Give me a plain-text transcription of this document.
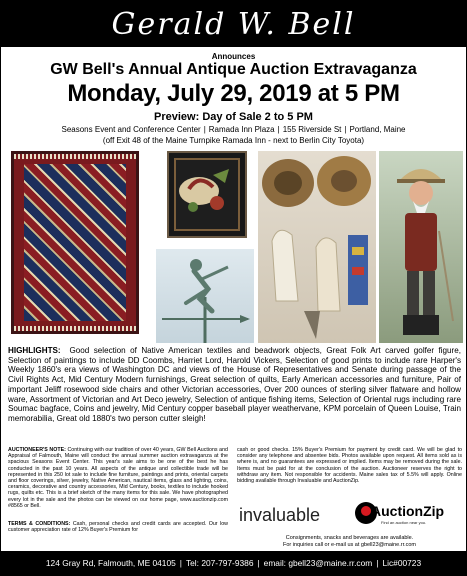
Gerald W. Bell
Announces
GW Bell's Annual Antique Auction Extravaganza
Monday, July 29, 2019 at 5 PM
Preview: Day of Sale 2 to 5 PM
Seasons Event and Conference Center | Ramada Inn Plaza | 155 Riverside St | Portland, Maine
(off Exit 48 of the Maine Turnpike Ramada Inn - next to Berlin City Toyota)
HIGHLIGHTS: Good selection of Native American textiles and beadwork objects, Great Folk Art carved golfer figure, Selection of paintings to include DD Coombs, Harriet Lord, Harold Vickers, Selection of good prints to include rare Harper's Weekly 1860's era views of Washington DC and views of the House of Representatives and Senate during passage of the Civil Rights Act, Mid Century Modern furnishings, Great selection of quilts, Early American accessories and furniture, Pair of important Jeliff rosewood side chairs and other Victorian accessories, Over 200 ounces of sterling silver flatware and hollow ware, Assortment of Victorian and Art Deco jewelry, Selection of antique fishing items, Selection of Oriental rugs including rare Soumac bagface, Coins and jewelry, Mid Century copper baseball player weathervane, KPM porcelain of Queen Louise, Train memorabilia, Great old 1880's two person cutter sleigh!
AUCTIONEER'S NOTE: Continuing with our tradition of over 40 years, GW Bell Auctions and Appraisal of Falmouth, Maine will conduct the annual summer auction extravaganza at the spacious Seasons Event Center. This year's sale aims to be one of the best he has conducted in the past 10 years. All aspects of the antique and collectible trade will be represented in this 250 lot sale to include fine furniture, paintings and prints, oriental carpets and floor coverings, silver, jewelry, Native American, nautical items, glass and lighting, coins, ceramics, decorative and country accessories, Mid Century, books, textiles to include hooked rugs, quilts etc. This is a brief sketch of the many items for this sale. We have photographed every lot in the sale and the photos can be viewed on our home page, www.auctionzip.com #8565 or Bell.
TERMS & CONDITIONS: Cash, personal checks and credit cards are accepted. Our low customer appreciation rate of 12% Buyer's Premium for
cash or good checks. 15% Buyer's Premium for payment by credit card. We will be glad to consider any telephone and absentee bids. Photos available upon request. All items sold as is where is, and no guarantees are expressed or implied. Items may be removed during the sale. Items must be paid for at the conclusion of the auction. Auctioneer reserves the right to withdraw any item. Not responsible for accidents. Maine sales tax of 5.5% will apply. Online bidding available through Invaluable and AuctionZip.
invaluable	AuctionZip
Find an auction near you.
Consignments, snacks and beverages are available.
For inquiries call or e-mail us at gbell23@maine.rr.com
124 Gray Rd, Falmouth, ME 04105 | Tel: 207-797-9386 | email: gbell23@maine.rr.com | Lic#00723
